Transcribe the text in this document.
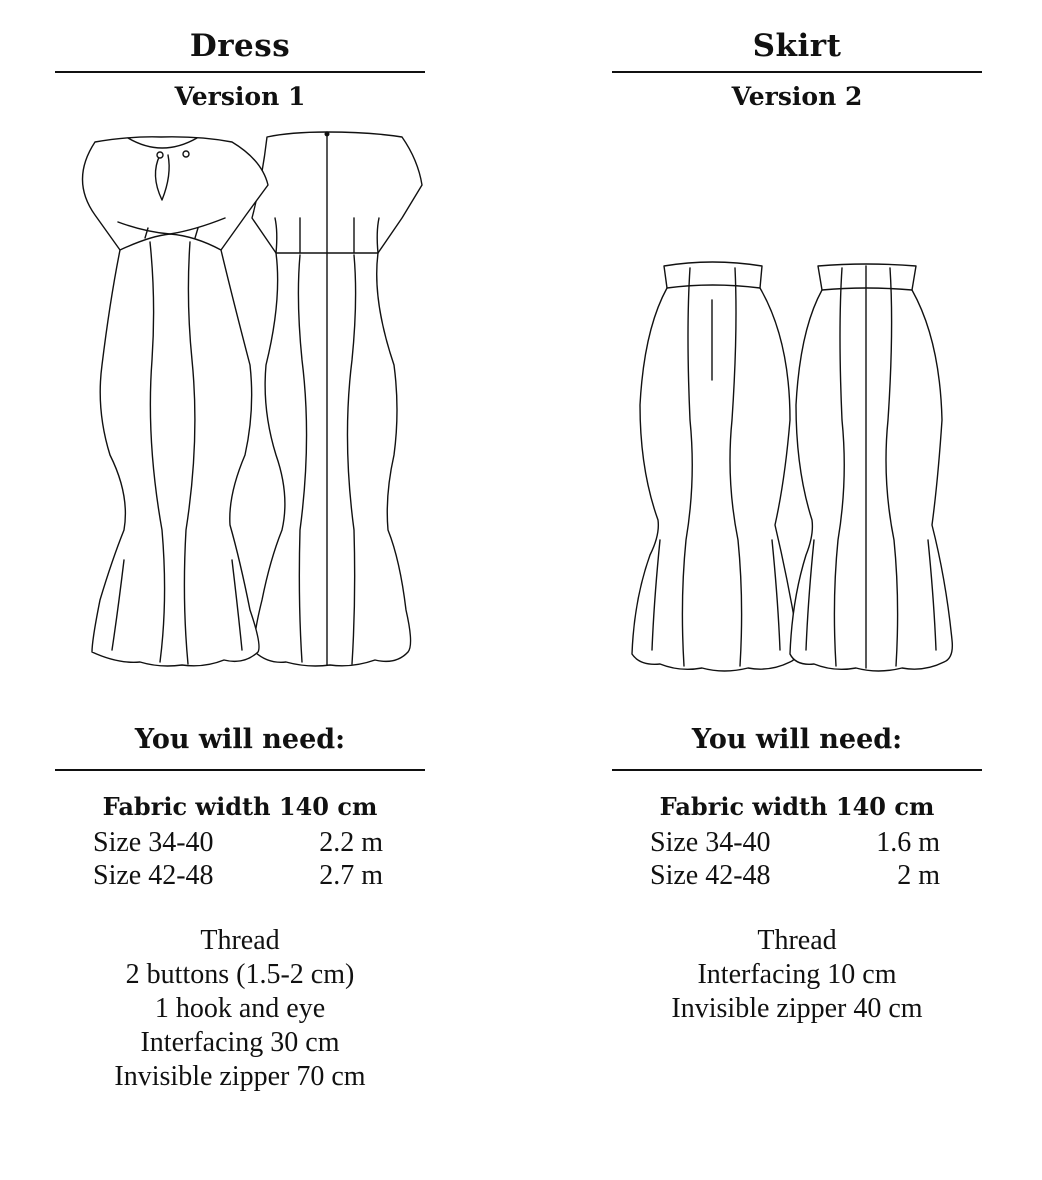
Dress
Version 1
You will need:
Fabric width 140 cm
Size 34-40	2.2 m
Size 42-48	2.7 m
Thread
2 buttons (1.5-2 cm)
1 hook and eye
Interfacing 30 cm
Invisible zipper 70 cm
Skirt
Version 2
You will need:
Fabric width 140 cm
Size 34-40	1.6 m
Size 42-48	2 m
Thread
Interfacing 10 cm
Invisible zipper 40 cm
